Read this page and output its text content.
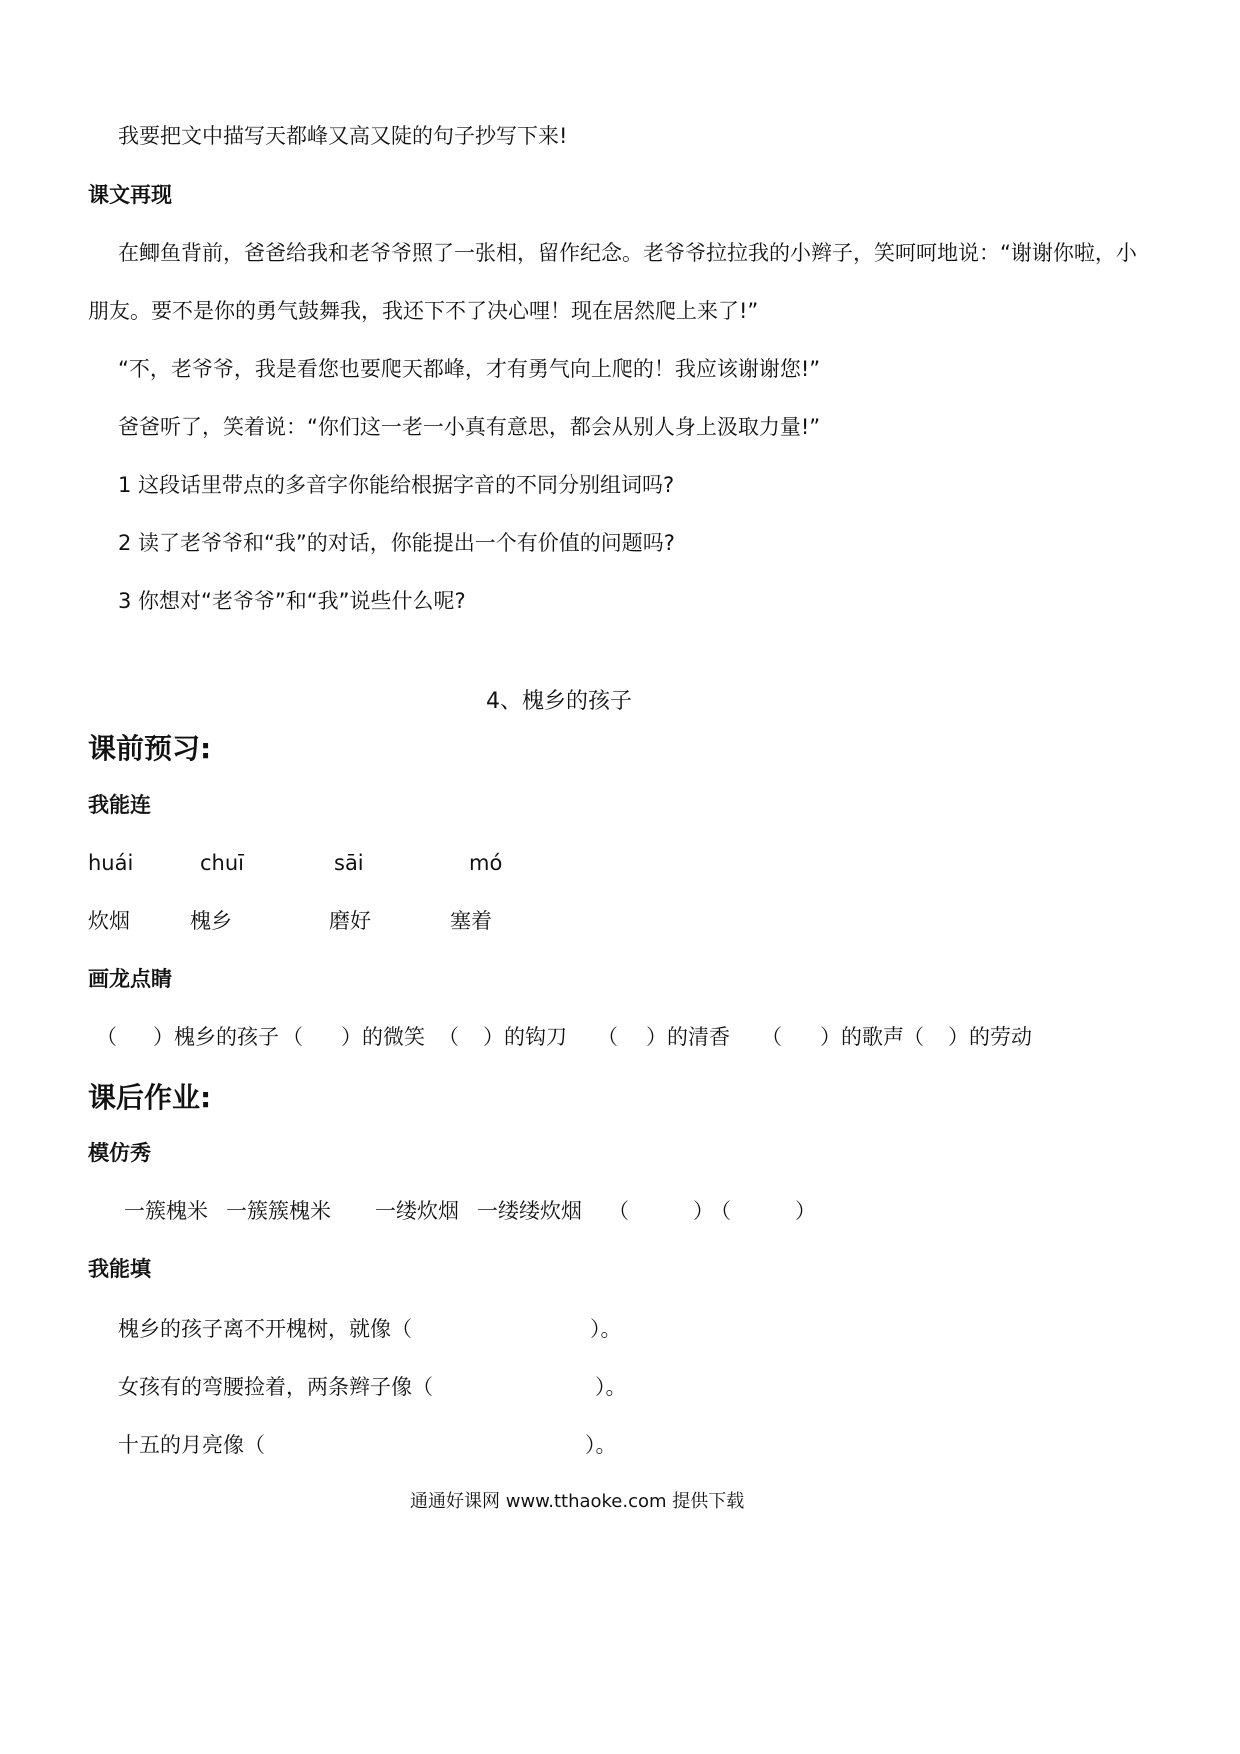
我要把文中描写天都峰又高又陡的句子抄写下来!
课文再现
在鲫鱼背前，爸爸给我和老爷爷照了一张相，留作纪念。老爷爷拉拉我的小辫子，笑呵呵地说：“谢谢你啦，小
朋友。要不是你的勇气鼓舞我，我还下不了决心哩！现在居然爬上来了!”
“不，老爷爷，我是看您也要爬天都峰，才有勇气向上爬的！我应该谢谢您!”
爸爸听了，笑着说：“你们这一老一小真有意思，都会从别人身上汲取力量!”
1 这段话里带点的多音字你能给根据字音的不同分别组词吗?
2 读了老爷爷和“我”的对话，你能提出一个有价值的问题吗?
3 你想对“老爷爷”和“我”说些什么呢?
4、槐乡的孩子
课前预习:
我能连
huái	chuī	sāi	mó
炊烟	槐乡	磨好	塞着
画龙点睛
（ ）槐乡的孩子 （ ）的微笑 （ ）的钩刀 （ ）的清香 （ ）的歌声 （ ）的劳动
课后作业:
模仿秀
一簇槐米 一簇簇槐米 一缕炊烟 一缕缕炊烟 （	）
（	）
我能填
槐乡的孩子离不开槐树，就像（	）。
女孩有的弯腰捡着，两条辫子像（	）。
十五的月亮像（	）。
通通好课网 www.tthaoke.com 提供下载
